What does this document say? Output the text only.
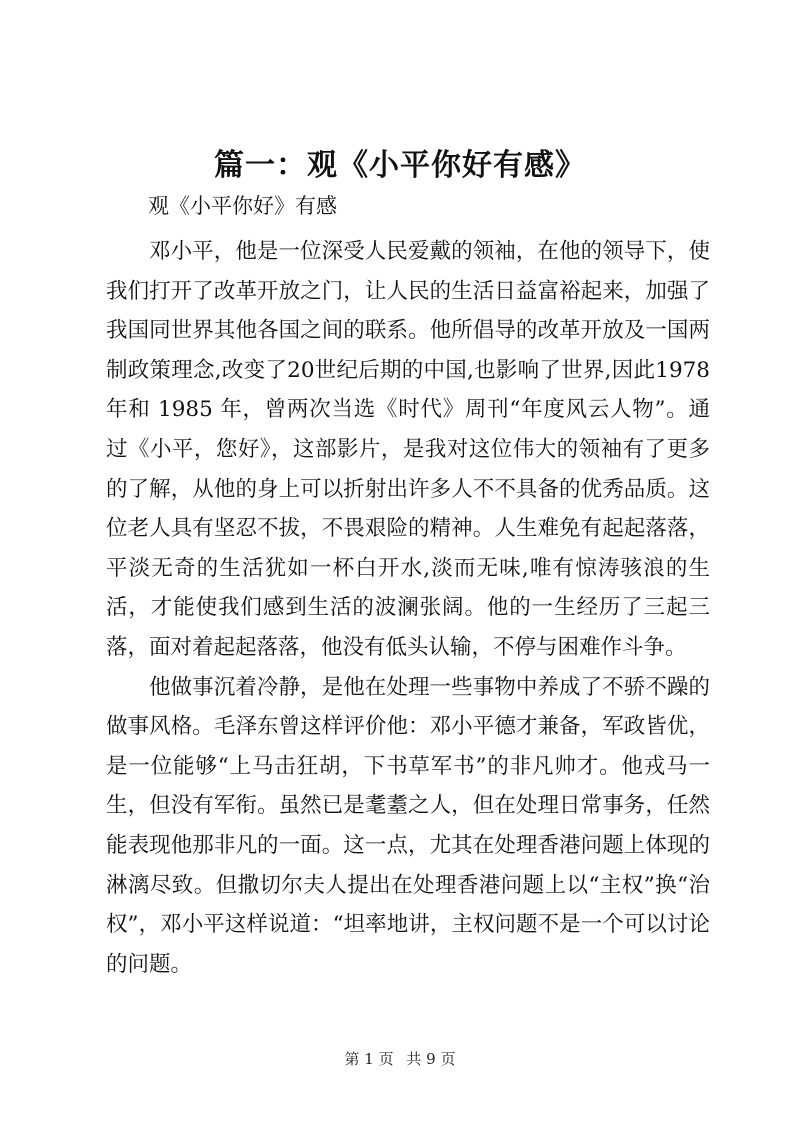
篇一：观《小平你好有感》

观《小平你好》有感

邓小平，他是一位深受人民爱戴的领袖，在他的领导下，使我们打开了改革开放之门，让人民的生活日益富裕起来，加强了我国同世界其他各国之间的联系。他所倡导的改革开放及一国两制政策理念,改变了20世纪后期的中国,也影响了世界,因此1978年和 1985 年，曾两次当选《时代》周刊“年度风云人物”。通过《小平，您好》，这部影片，是我对这位伟大的领袖有了更多的了解，从他的身上可以折射出许多人不不具备的优秀品质。这位老人具有坚忍不拔，不畏艰险的精神。人生难免有起起落落，平淡无奇的生活犹如一杯白开水,淡而无味,唯有惊涛骇浪的生活，才能使我们感到生活的波澜张阔。他的一生经历了三起三落，面对着起起落落，他没有低头认输，不停与困难作斗争。

他做事沉着冷静，是他在处理一些事物中养成了不骄不躁的做事风格。毛泽东曾这样评价他：邓小平德才兼备，军政皆优，是一位能够“上马击狂胡，下书草军书”的非凡帅才。他戎马一生，但没有军衔。虽然已是耄耋之人，但在处理日常事务，任然能表现他那非凡的一面。这一点，尤其在处理香港问题上体现的淋漓尽致。但撒切尔夫人提出在处理香港问题上以“主权”换“治权”，邓小平这样说道：“坦率地讲，主权问题不是一个可以讨论的问题。

第 1 页 共 9 页
